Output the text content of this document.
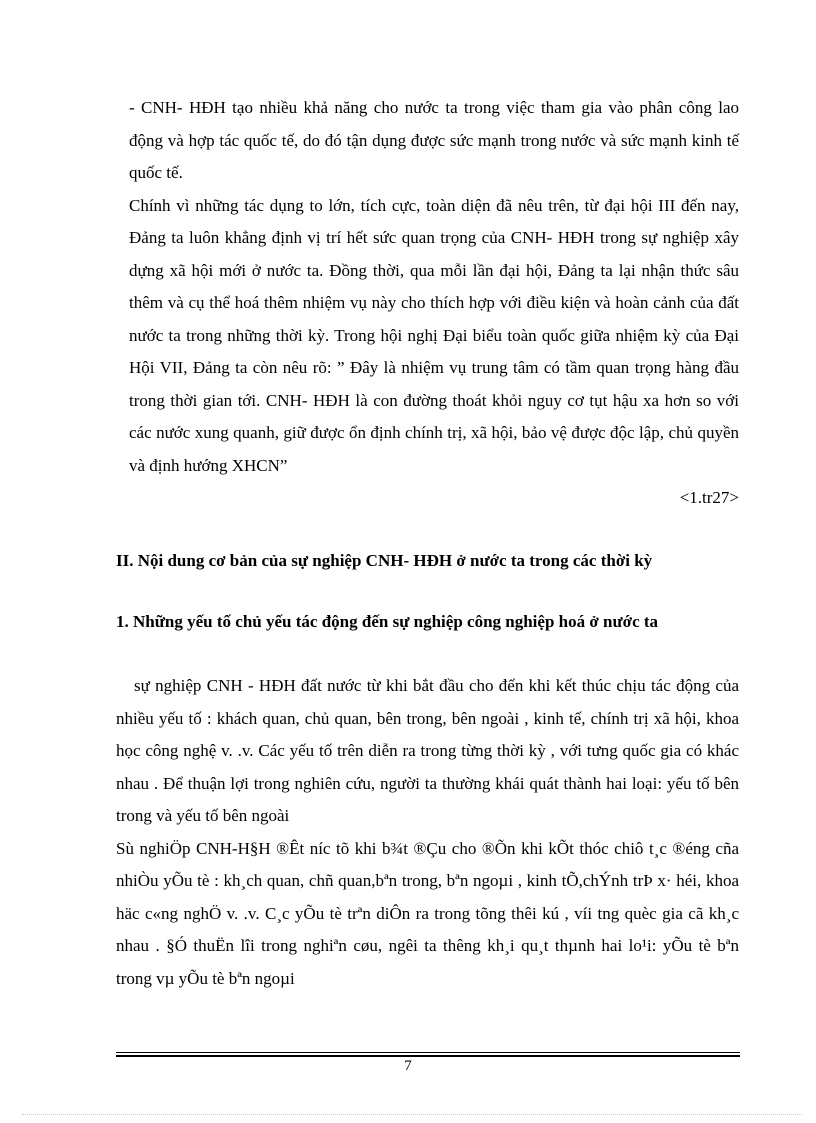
- CNH- HĐH tạo nhiều khả năng cho nước ta trong việc tham gia vào phân công lao động và hợp tác quốc tế, do đó tận dụng được sức mạnh trong nước và sức mạnh kinh tế quốc tế.

Chính vì những tác dụng to lớn, tích cực, toàn diện đã nêu trên, từ đại hội III đến nay, Đảng ta luôn khẳng định vị trí hết sức quan trọng của CNH- HĐH trong sự nghiệp xây dựng xã hội mới ở nước ta. Đồng thời, qua mỗi lần đại hội, Đảng ta lại nhận thức sâu thêm và cụ thể hoá thêm nhiệm vụ này cho thích hợp với điều kiện và hoàn cảnh của đất nước ta trong những thời kỳ. Trong hội nghị Đại biểu toàn quốc giữa nhiệm kỳ của Đại Hội VII, Đảng ta còn nêu rõ: ” Đây là nhiệm vụ trung tâm có tầm quan trọng hàng đầu trong thời gian tới. CNH- HĐH là con đường thoát khỏi nguy cơ tụt hậu xa hơn so với các nước xung quanh, giữ được ổn định chính trị, xã hội, bảo vệ được độc lập, chủ quyền và định hướng XHCN”

<1.tr27>

II. Nội dung cơ bản của sự nghiệp CNH- HĐH ở nước ta trong các thời kỳ

1. Những yếu tố chủ yếu tác động đến sự nghiệp công nghiệp hoá ở nước ta

sự nghiệp CNH - HĐH đất nước từ khi bắt đầu cho đến khi kết thúc chịu tác động của nhiều yếu tố : khách quan, chủ quan, bên trong, bên ngoài , kinh tế, chính trị xã hội, khoa học công nghệ v. .v. Các yếu tố trên diễn ra trong từng thời kỳ , với tưng quốc gia có khác nhau . Để thuận lợi trong nghiên cứu, người ta thường khái quát thành hai loại: yếu tố bên trong và yếu tố bên ngoài

Sù nghiÖp CNH-H§H ®Êt níc tõ khi b¾t ®Çu cho ®Õn khi kÕt thóc chiô t¸c ®éng cña nhiÒu yÕu tè : kh¸ch quan, chñ quan,bªn trong, bªn ngoµi , kinh tÕ,chÝnh trÞ x· héi, khoa häc c«ng nghÖ v. .v. C¸c yÕu tè trªn diÔn ra trong tõng thêi kú , víi tng quèc gia cã kh¸c nhau . §Ó thuËn lîi trong nghiªn cøu, ngêi ta thêng kh¸i qu¸t thµnh hai lo¹i: yÕu tè bªn trong vµ yÕu tè bªn ngoµi

7
